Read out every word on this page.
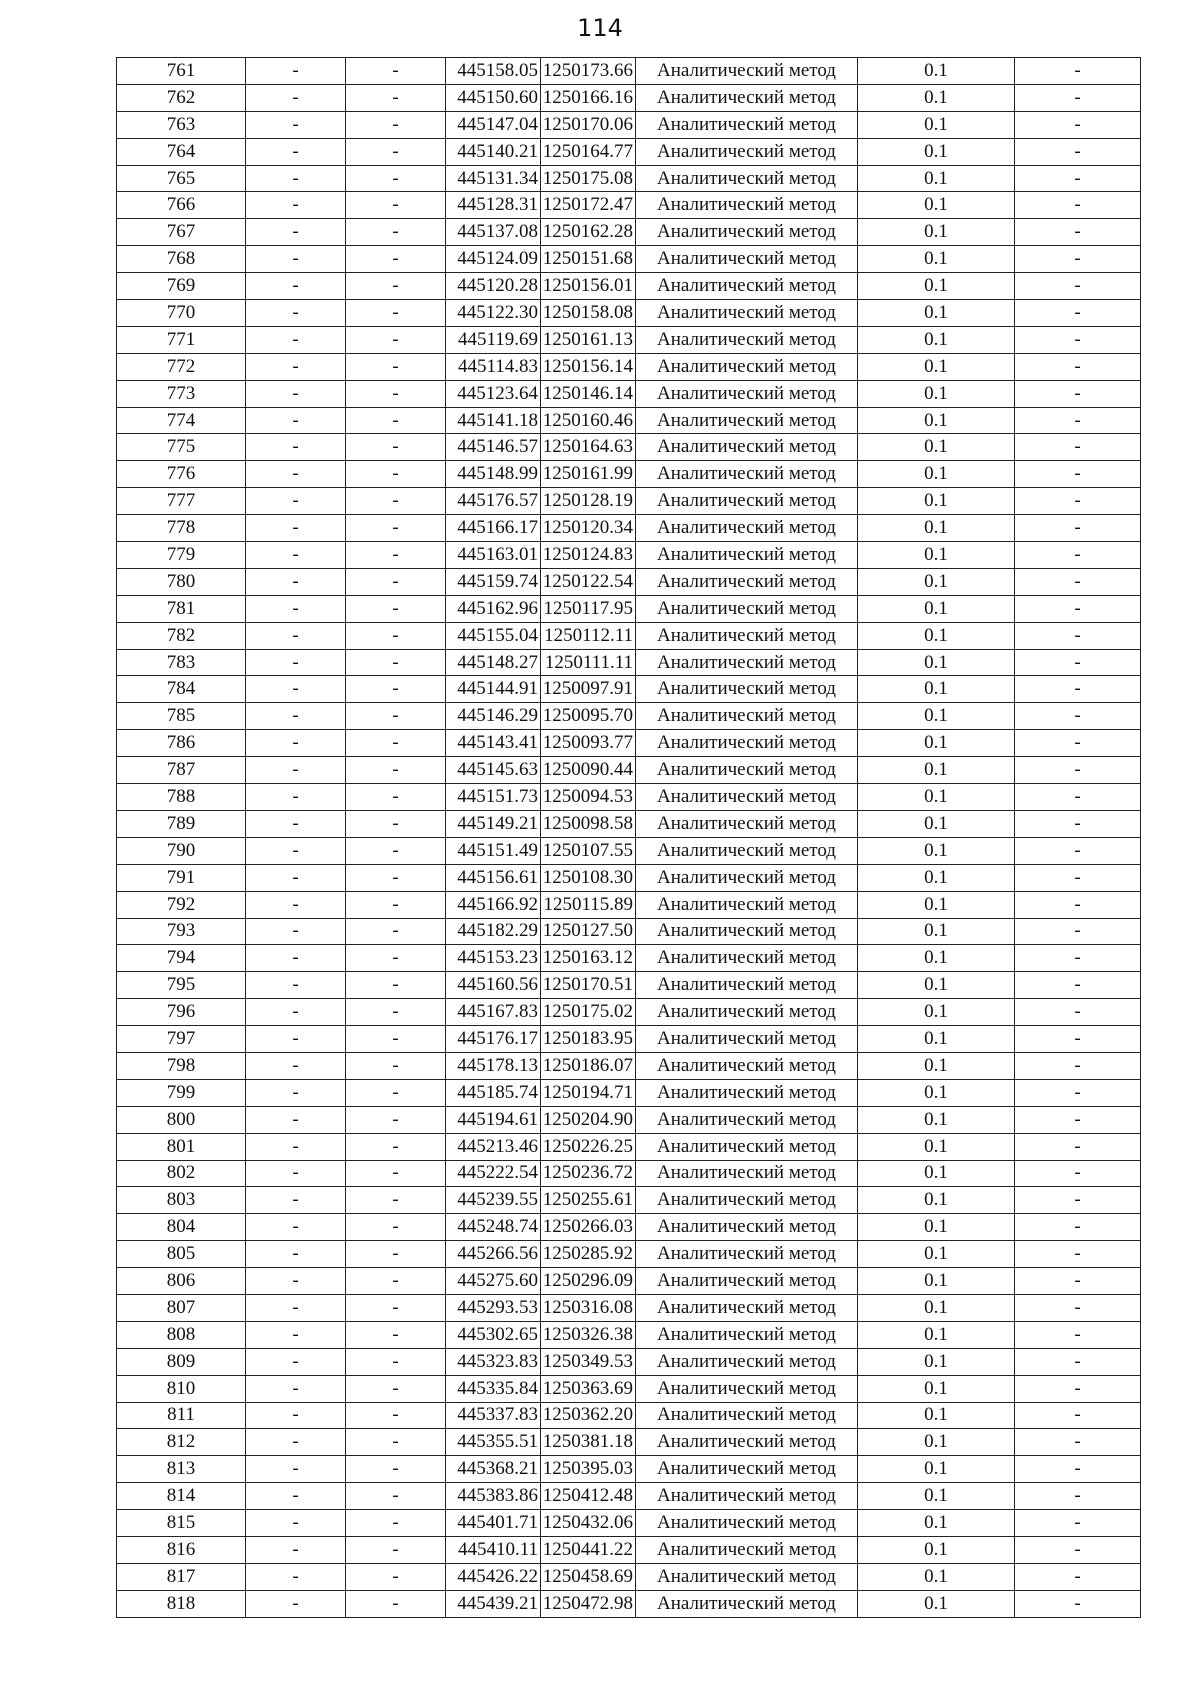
114
761	-	-	445158.05	1250173.66	Аналитический метод	0.1	-
762	-	-	445150.60	1250166.16	Аналитический метод	0.1	-
763	-	-	445147.04	1250170.06	Аналитический метод	0.1	-
764	-	-	445140.21	1250164.77	Аналитический метод	0.1	-
765	-	-	445131.34	1250175.08	Аналитический метод	0.1	-
766	-	-	445128.31	1250172.47	Аналитический метод	0.1	-
767	-	-	445137.08	1250162.28	Аналитический метод	0.1	-
768	-	-	445124.09	1250151.68	Аналитический метод	0.1	-
769	-	-	445120.28	1250156.01	Аналитический метод	0.1	-
770	-	-	445122.30	1250158.08	Аналитический метод	0.1	-
771	-	-	445119.69	1250161.13	Аналитический метод	0.1	-
772	-	-	445114.83	1250156.14	Аналитический метод	0.1	-
773	-	-	445123.64	1250146.14	Аналитический метод	0.1	-
774	-	-	445141.18	1250160.46	Аналитический метод	0.1	-
775	-	-	445146.57	1250164.63	Аналитический метод	0.1	-
776	-	-	445148.99	1250161.99	Аналитический метод	0.1	-
777	-	-	445176.57	1250128.19	Аналитический метод	0.1	-
778	-	-	445166.17	1250120.34	Аналитический метод	0.1	-
779	-	-	445163.01	1250124.83	Аналитический метод	0.1	-
780	-	-	445159.74	1250122.54	Аналитический метод	0.1	-
781	-	-	445162.96	1250117.95	Аналитический метод	0.1	-
782	-	-	445155.04	1250112.11	Аналитический метод	0.1	-
783	-	-	445148.27	1250111.11	Аналитический метод	0.1	-
784	-	-	445144.91	1250097.91	Аналитический метод	0.1	-
785	-	-	445146.29	1250095.70	Аналитический метод	0.1	-
786	-	-	445143.41	1250093.77	Аналитический метод	0.1	-
787	-	-	445145.63	1250090.44	Аналитический метод	0.1	-
788	-	-	445151.73	1250094.53	Аналитический метод	0.1	-
789	-	-	445149.21	1250098.58	Аналитический метод	0.1	-
790	-	-	445151.49	1250107.55	Аналитический метод	0.1	-
791	-	-	445156.61	1250108.30	Аналитический метод	0.1	-
792	-	-	445166.92	1250115.89	Аналитический метод	0.1	-
793	-	-	445182.29	1250127.50	Аналитический метод	0.1	-
794	-	-	445153.23	1250163.12	Аналитический метод	0.1	-
795	-	-	445160.56	1250170.51	Аналитический метод	0.1	-
796	-	-	445167.83	1250175.02	Аналитический метод	0.1	-
797	-	-	445176.17	1250183.95	Аналитический метод	0.1	-
798	-	-	445178.13	1250186.07	Аналитический метод	0.1	-
799	-	-	445185.74	1250194.71	Аналитический метод	0.1	-
800	-	-	445194.61	1250204.90	Аналитический метод	0.1	-
801	-	-	445213.46	1250226.25	Аналитический метод	0.1	-
802	-	-	445222.54	1250236.72	Аналитический метод	0.1	-
803	-	-	445239.55	1250255.61	Аналитический метод	0.1	-
804	-	-	445248.74	1250266.03	Аналитический метод	0.1	-
805	-	-	445266.56	1250285.92	Аналитический метод	0.1	-
806	-	-	445275.60	1250296.09	Аналитический метод	0.1	-
807	-	-	445293.53	1250316.08	Аналитический метод	0.1	-
808	-	-	445302.65	1250326.38	Аналитический метод	0.1	-
809	-	-	445323.83	1250349.53	Аналитический метод	0.1	-
810	-	-	445335.84	1250363.69	Аналитический метод	0.1	-
811	-	-	445337.83	1250362.20	Аналитический метод	0.1	-
812	-	-	445355.51	1250381.18	Аналитический метод	0.1	-
813	-	-	445368.21	1250395.03	Аналитический метод	0.1	-
814	-	-	445383.86	1250412.48	Аналитический метод	0.1	-
815	-	-	445401.71	1250432.06	Аналитический метод	0.1	-
816	-	-	445410.11	1250441.22	Аналитический метод	0.1	-
817	-	-	445426.22	1250458.69	Аналитический метод	0.1	-
818	-	-	445439.21	1250472.98	Аналитический метод	0.1	-
